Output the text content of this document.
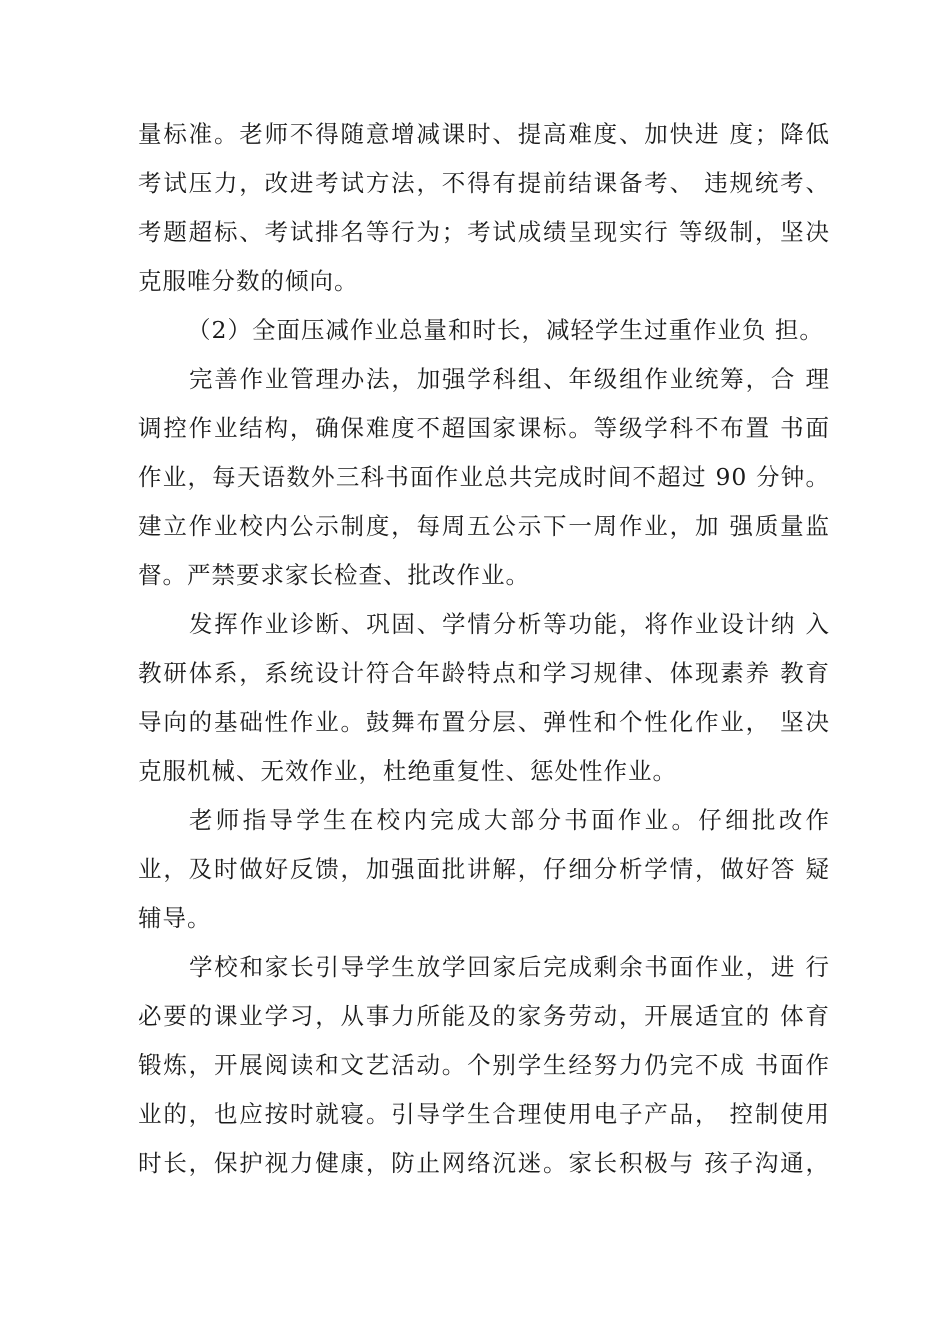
量标准。老师不得随意增减课时、提高难度、加快进 度；降低
考试压力，改进考试方法，不得有提前结课备考、 违规统考、
考题超标、考试排名等行为；考试成绩呈现实行 等级制，坚决
克服唯分数的倾向。
（2）全面压减作业总量和时长，减轻学生过重作业负 担。
完善作业管理办法，加强学科组、年级组作业统筹，合 理
调控作业结构，确保难度不超国家课标。等级学科不布置 书面
作业，每天语数外三科书面作业总共完成时间不超过 90 分钟。
建立作业校内公示制度，每周五公示下一周作业，加 强质量监
督。严禁要求家长检查、批改作业。
发挥作业诊断、巩固、学情分析等功能，将作业设计纳 入
教研体系，系统设计符合年龄特点和学习规律、体现素养 教育
导向的基础性作业。鼓舞布置分层、弹性和个性化作业， 坚决
克服机械、无效作业，杜绝重复性、惩处性作业。
老师指导学生在校内完成大部分书面作业。仔细批改作
业，及时做好反馈，加强面批讲解，仔细分析学情，做好答 疑
辅导。
学校和家长引导学生放学回家后完成剩余书面作业，进 行
必要的课业学习，从事力所能及的家务劳动，开展适宜的 体育
锻炼，开展阅读和文艺活动。个别学生经努力仍完不成 书面作
业的，也应按时就寝。引导学生合理使用电子产品， 控制使用
时长，保护视力健康，防止网络沉迷。家长积极与 孩子沟通，
